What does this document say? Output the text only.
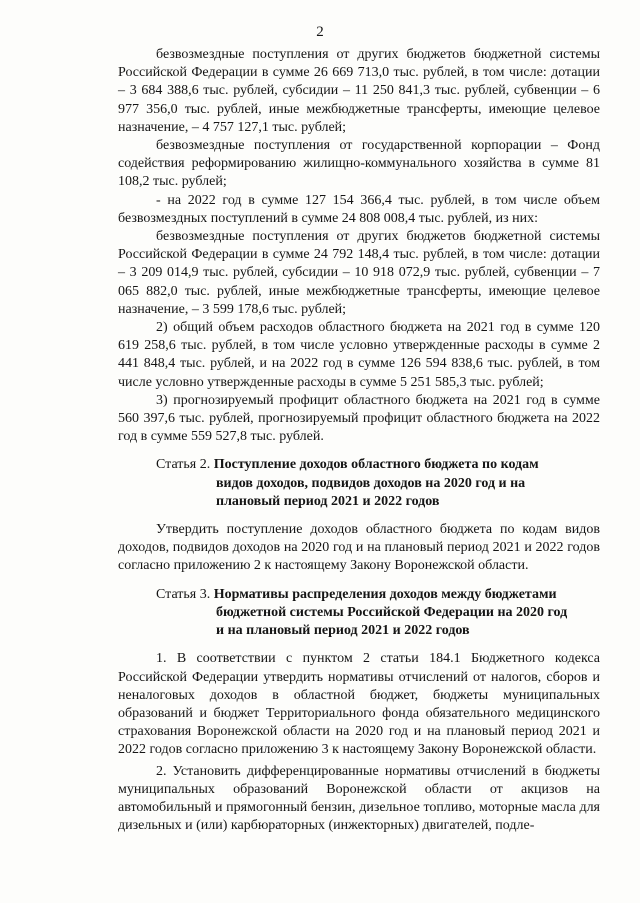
2

безвозмездные поступления от других бюджетов бюджетной системы Российской Федерации в сумме 26 669 713,0 тыс. рублей, в том числе: дотации – 3 684 388,6 тыс. рублей, субсидии – 11 250 841,3 тыс. рублей, субвенции – 6 977 356,0 тыс. рублей, иные межбюджетные трансферты, имеющие целевое назначение, – 4 757 127,1 тыс. рублей;

безвозмездные поступления от государственной корпорации – Фонд содействия реформированию жилищно-коммунального хозяйства в сумме 81 108,2 тыс. рублей;

- на 2022 год в сумме 127 154 366,4 тыс. рублей, в том числе объем безвозмездных поступлений в сумме 24 808 008,4 тыс. рублей, из них:

безвозмездные поступления от других бюджетов бюджетной системы Российской Федерации в сумме 24 792 148,4 тыс. рублей, в том числе: дотации – 3 209 014,9 тыс. рублей, субсидии – 10 918 072,9 тыс. рублей, субвенции – 7 065 882,0 тыс. рублей, иные межбюджетные трансферты, имеющие целевое назначение, – 3 599 178,6 тыс. рублей;

2) общий объем расходов областного бюджета на 2021 год в сумме 120 619 258,6 тыс. рублей, в том числе условно утвержденные расходы в сумме 2 441 848,4 тыс. рублей, и на 2022 год в сумме 126 594 838,6 тыс. рублей, в том числе условно утвержденные расходы в сумме 5 251 585,3 тыс. рублей;

3) прогнозируемый профицит областного бюджета на 2021 год в сумме 560 397,6 тыс. рублей, прогнозируемый профицит областного бюджета на 2022 год в сумме 559 527,8 тыс. рублей.

Статья 2. Поступление доходов областного бюджета по кодам
видов доходов, подвидов доходов на 2020 год и на
плановый период 2021 и 2022 годов

Утвердить поступление доходов областного бюджета по кодам видов доходов, подвидов доходов на 2020 год и на плановый период 2021 и 2022 годов согласно приложению 2 к настоящему Закону Воронежской области.

Статья 3. Нормативы распределения доходов между бюджетами
бюджетной системы Российской Федерации на 2020 год
и на плановый период 2021 и 2022 годов

1. В соответствии с пунктом 2 статьи 184.1 Бюджетного кодекса Российской Федерации утвердить нормативы отчислений от налогов, сборов и неналоговых доходов в областной бюджет, бюджеты муниципальных образований и бюджет Территориального фонда обязательного медицинского страхования Воронежской области на 2020 год и на плановый период 2021 и 2022 годов согласно приложению 3 к настоящему Закону Воронежской области.

2. Установить дифференцированные нормативы отчислений в бюджеты муниципальных образований Воронежской области от акцизов на автомобильный и прямогонный бензин, дизельное топливо, моторные масла для дизельных и (или) карбюраторных (инжекторных) двигателей, подле-
